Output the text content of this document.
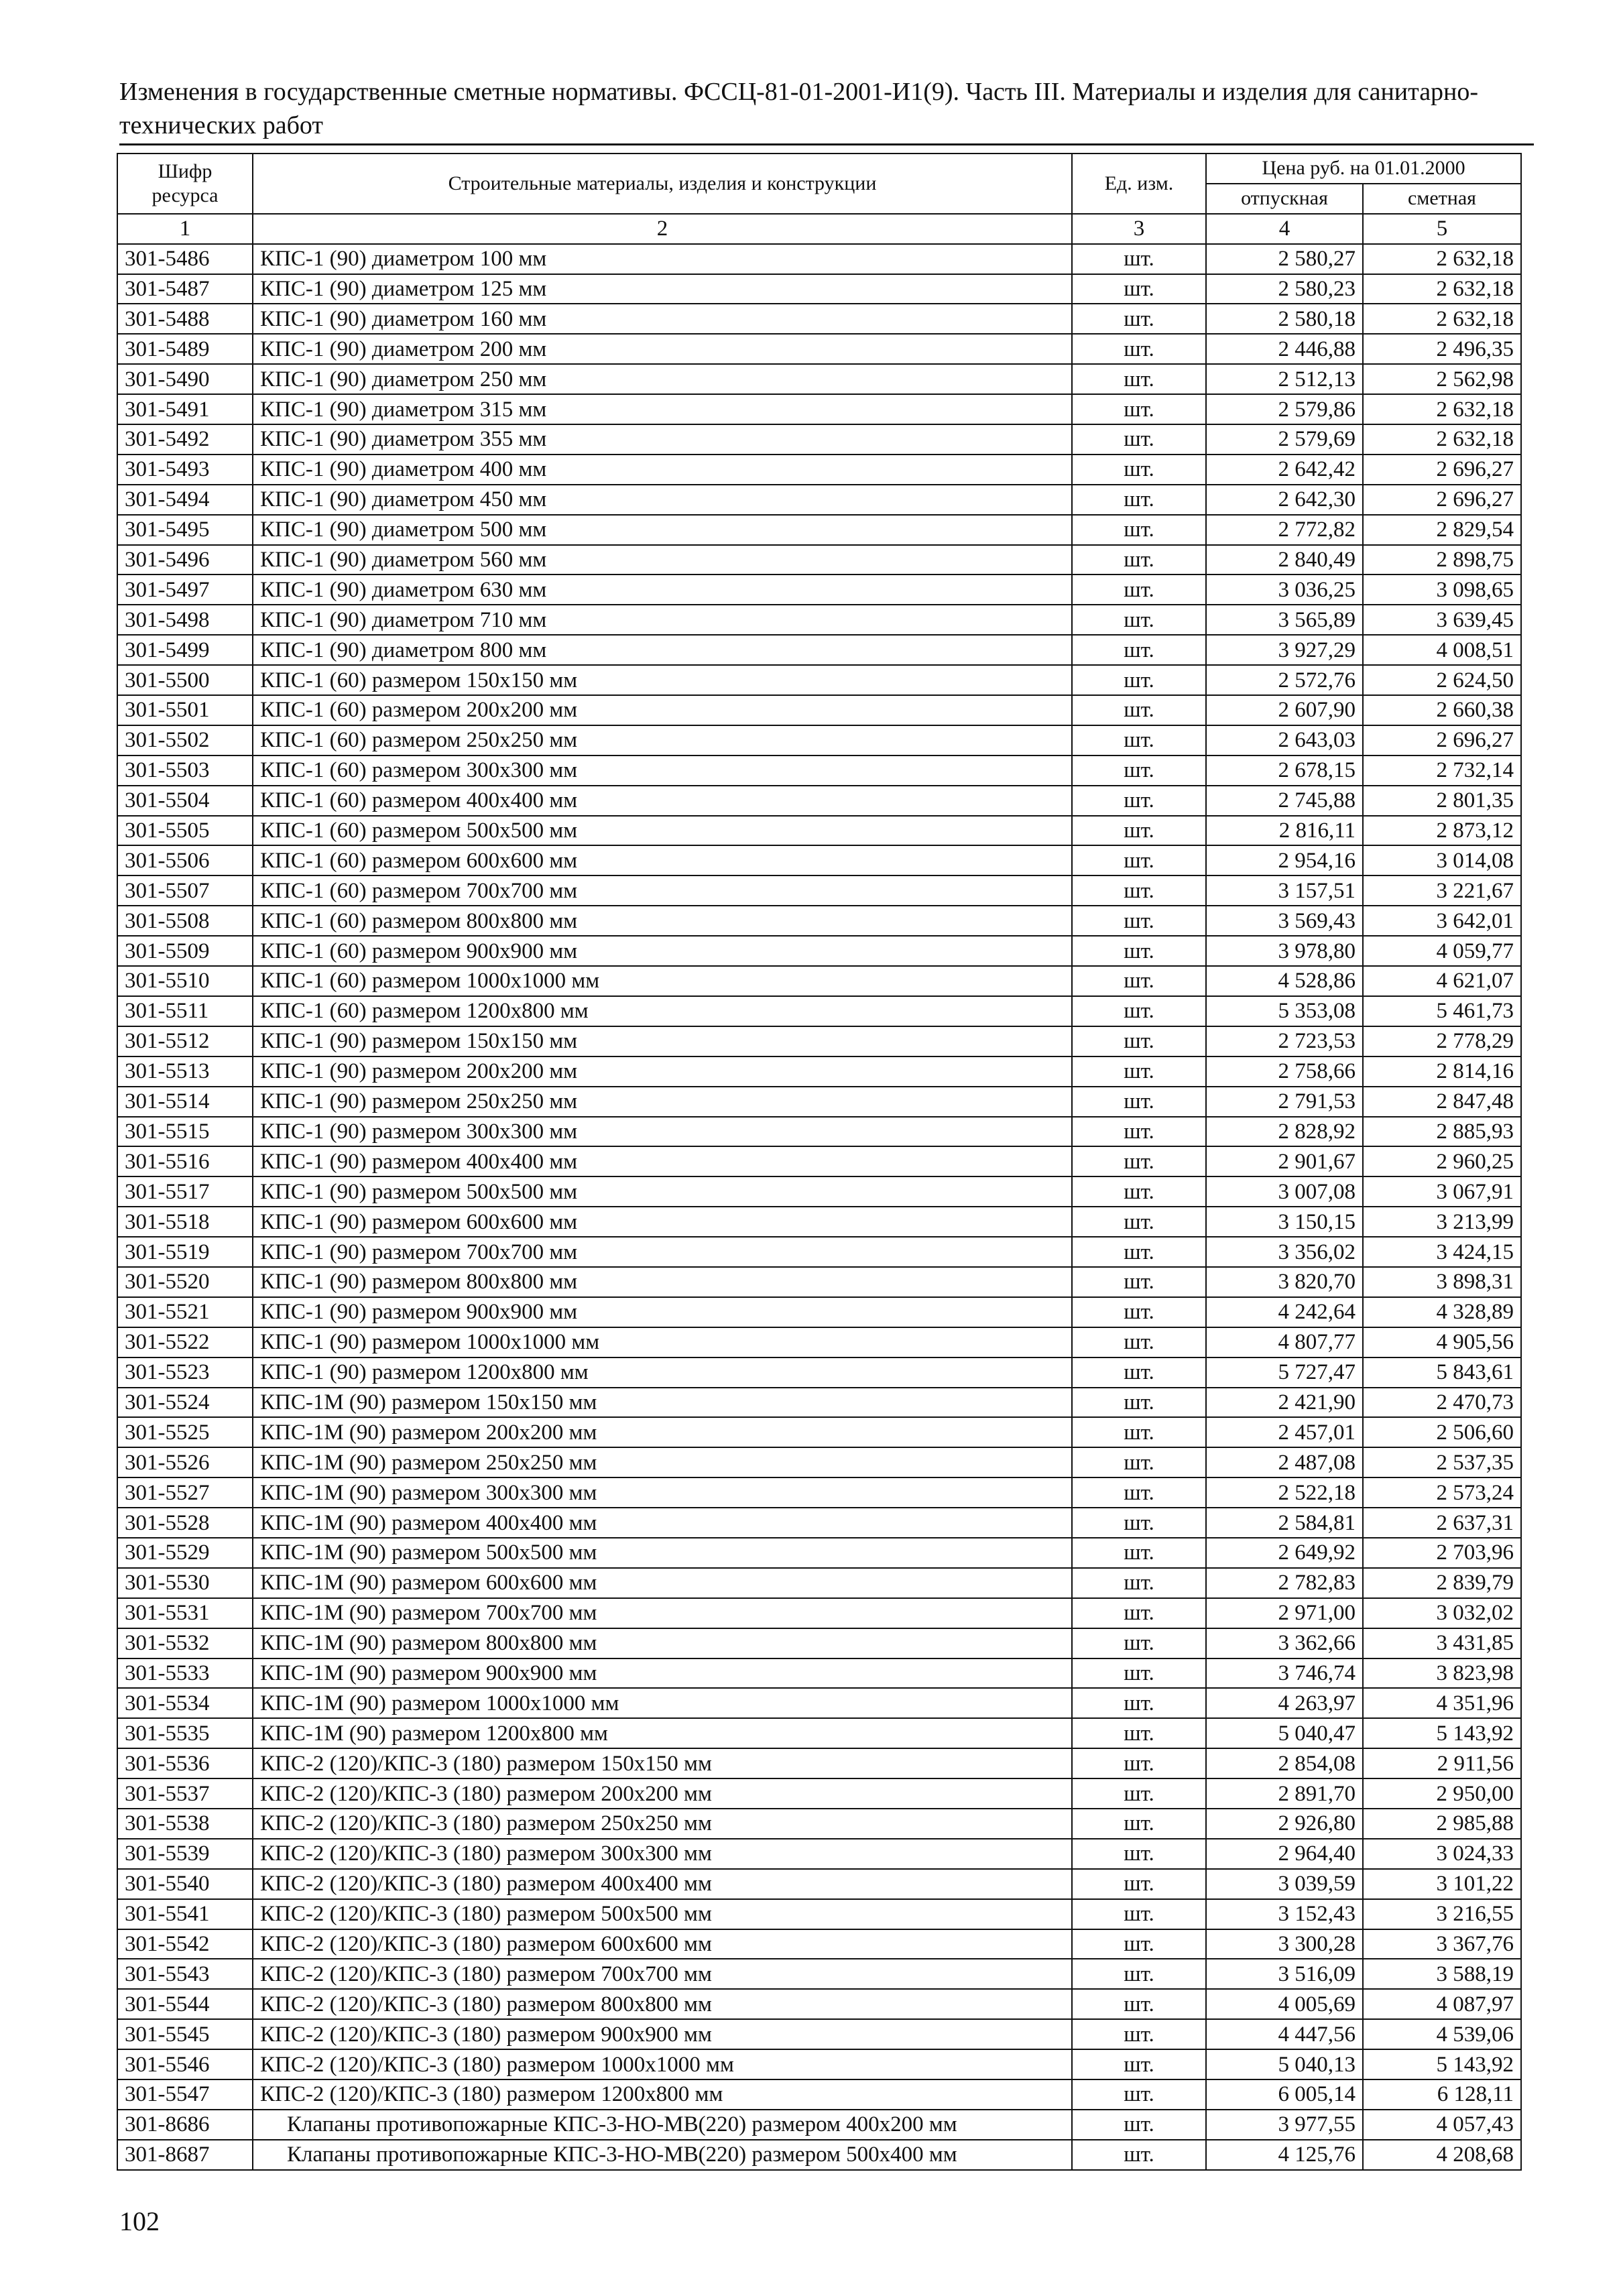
Изменения в государственные сметные нормативы. ФССЦ-81-01-2001-И1(9). Часть III. Материалы и изделия для санитарно-технических работ
Шифр ресурса	Строительные материалы, изделия и конструкции	Ед. изм.	Цена руб. на 01.01.2000	
			отпускная	сметная
1	2	3	4	5
301-5486	КПС-1 (90) диаметром 100 мм	шт.	2 580,27	2 632,18
301-5487	КПС-1 (90) диаметром 125 мм	шт.	2 580,23	2 632,18
301-5488	КПС-1 (90) диаметром 160 мм	шт.	2 580,18	2 632,18
301-5489	КПС-1 (90) диаметром 200 мм	шт.	2 446,88	2 496,35
301-5490	КПС-1 (90) диаметром 250 мм	шт.	2 512,13	2 562,98
301-5491	КПС-1 (90) диаметром 315 мм	шт.	2 579,86	2 632,18
301-5492	КПС-1 (90) диаметром 355 мм	шт.	2 579,69	2 632,18
301-5493	КПС-1 (90) диаметром 400 мм	шт.	2 642,42	2 696,27
301-5494	КПС-1 (90) диаметром 450 мм	шт.	2 642,30	2 696,27
301-5495	КПС-1 (90) диаметром 500 мм	шт.	2 772,82	2 829,54
301-5496	КПС-1 (90) диаметром 560 мм	шт.	2 840,49	2 898,75
301-5497	КПС-1 (90) диаметром 630 мм	шт.	3 036,25	3 098,65
301-5498	КПС-1 (90) диаметром 710 мм	шт.	3 565,89	3 639,45
301-5499	КПС-1 (90) диаметром 800 мм	шт.	3 927,29	4 008,51
301-5500	КПС-1 (60) размером 150х150 мм	шт.	2 572,76	2 624,50
301-5501	КПС-1 (60) размером 200х200 мм	шт.	2 607,90	2 660,38
301-5502	КПС-1 (60) размером 250х250 мм	шт.	2 643,03	2 696,27
301-5503	КПС-1 (60) размером 300х300 мм	шт.	2 678,15	2 732,14
301-5504	КПС-1 (60) размером 400х400 мм	шт.	2 745,88	2 801,35
301-5505	КПС-1 (60) размером 500х500 мм	шт.	2 816,11	2 873,12
301-5506	КПС-1 (60) размером 600х600 мм	шт.	2 954,16	3 014,08
301-5507	КПС-1 (60) размером 700х700 мм	шт.	3 157,51	3 221,67
301-5508	КПС-1 (60) размером 800х800 мм	шт.	3 569,43	3 642,01
301-5509	КПС-1 (60) размером 900х900 мм	шт.	3 978,80	4 059,77
301-5510	КПС-1 (60) размером 1000х1000 мм	шт.	4 528,86	4 621,07
301-5511	КПС-1 (60) размером 1200х800 мм	шт.	5 353,08	5 461,73
301-5512	КПС-1 (90) размером 150х150 мм	шт.	2 723,53	2 778,29
301-5513	КПС-1 (90) размером 200х200 мм	шт.	2 758,66	2 814,16
301-5514	КПС-1 (90) размером 250х250 мм	шт.	2 791,53	2 847,48
301-5515	КПС-1 (90) размером 300х300 мм	шт.	2 828,92	2 885,93
301-5516	КПС-1 (90) размером 400х400 мм	шт.	2 901,67	2 960,25
301-5517	КПС-1 (90) размером 500х500 мм	шт.	3 007,08	3 067,91
301-5518	КПС-1 (90) размером 600х600 мм	шт.	3 150,15	3 213,99
301-5519	КПС-1 (90) размером 700х700 мм	шт.	3 356,02	3 424,15
301-5520	КПС-1 (90) размером 800х800 мм	шт.	3 820,70	3 898,31
301-5521	КПС-1 (90) размером 900х900 мм	шт.	4 242,64	4 328,89
301-5522	КПС-1 (90) размером 1000х1000 мм	шт.	4 807,77	4 905,56
301-5523	КПС-1 (90) размером 1200х800 мм	шт.	5 727,47	5 843,61
301-5524	КПС-1М (90) размером 150х150 мм	шт.	2 421,90	2 470,73
301-5525	КПС-1М (90) размером 200х200 мм	шт.	2 457,01	2 506,60
301-5526	КПС-1М (90) размером 250х250 мм	шт.	2 487,08	2 537,35
301-5527	КПС-1М (90) размером 300х300 мм	шт.	2 522,18	2 573,24
301-5528	КПС-1М (90) размером 400х400 мм	шт.	2 584,81	2 637,31
301-5529	КПС-1М (90) размером 500х500 мм	шт.	2 649,92	2 703,96
301-5530	КПС-1М (90) размером 600х600 мм	шт.	2 782,83	2 839,79
301-5531	КПС-1М (90) размером 700х700 мм	шт.	2 971,00	3 032,02
301-5532	КПС-1М (90) размером 800х800 мм	шт.	3 362,66	3 431,85
301-5533	КПС-1М (90) размером 900х900 мм	шт.	3 746,74	3 823,98
301-5534	КПС-1М (90) размером 1000х1000 мм	шт.	4 263,97	4 351,96
301-5535	КПС-1М (90) размером 1200х800 мм	шт.	5 040,47	5 143,92
301-5536	КПС-2 (120)/КПС-3 (180) размером 150х150 мм	шт.	2 854,08	2 911,56
301-5537	КПС-2 (120)/КПС-3 (180) размером 200х200 мм	шт.	2 891,70	2 950,00
301-5538	КПС-2 (120)/КПС-3 (180) размером 250х250 мм	шт.	2 926,80	2 985,88
301-5539	КПС-2 (120)/КПС-3 (180) размером 300х300 мм	шт.	2 964,40	3 024,33
301-5540	КПС-2 (120)/КПС-3 (180) размером 400х400 мм	шт.	3 039,59	3 101,22
301-5541	КПС-2 (120)/КПС-3 (180) размером 500х500 мм	шт.	3 152,43	3 216,55
301-5542	КПС-2 (120)/КПС-3 (180) размером 600х600 мм	шт.	3 300,28	3 367,76
301-5543	КПС-2 (120)/КПС-3 (180) размером 700х700 мм	шт.	3 516,09	3 588,19
301-5544	КПС-2 (120)/КПС-3 (180) размером 800х800 мм	шт.	4 005,69	4 087,97
301-5545	КПС-2 (120)/КПС-3 (180) размером 900х900 мм	шт.	4 447,56	4 539,06
301-5546	КПС-2 (120)/КПС-3 (180) размером 1000х1000 мм	шт.	5 040,13	5 143,92
301-5547	КПС-2 (120)/КПС-3 (180) размером 1200х800 мм	шт.	6 005,14	6 128,11
301-8686	Клапаны противопожарные КПС-3-НО-МВ(220) размером 400х200 мм	шт.	3 977,55	4 057,43
301-8687	Клапаны противопожарные КПС-3-НО-МВ(220) размером 500х400 мм	шт.	4 125,76	4 208,68
102
